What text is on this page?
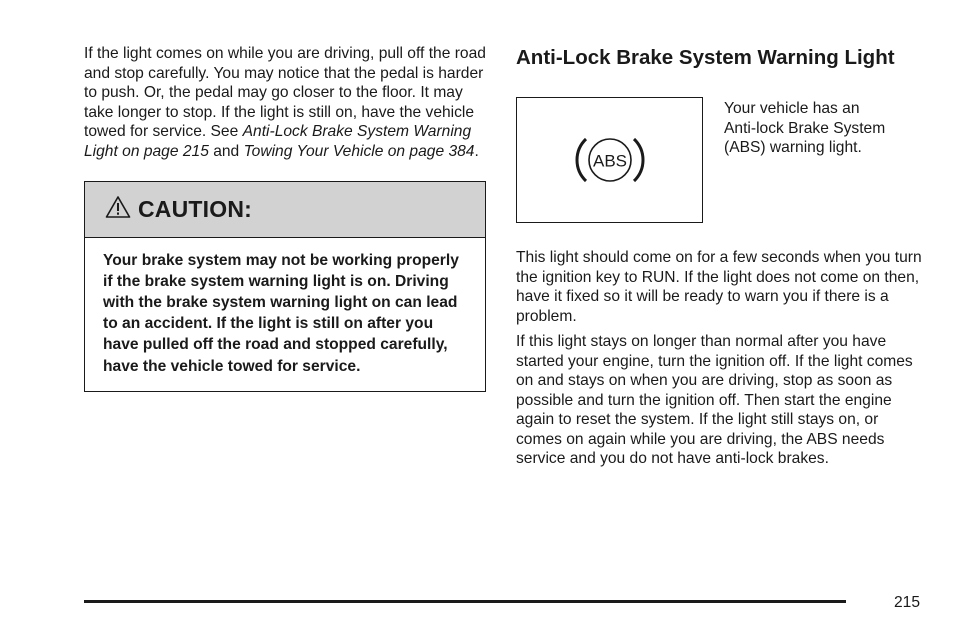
If the light comes on while you are driving, pull off the road and stop carefully. You may notice that the pedal is harder to push. Or, the pedal may go closer to the floor. It may take longer to stop. If the light is still on, have the vehicle towed for service. See Anti-Lock Brake System Warning Light on page 215 and Towing Your Vehicle on page 384.

CAUTION:

Your brake system may not be working properly if the brake system warning light is on. Driving with the brake system warning light on can lead to an accident. If the light is still on after you have pulled off the road and stopped carefully, have the vehicle towed for service.

Anti-Lock Brake System Warning Light
ABS

Your vehicle has an Anti-lock Brake System (ABS) warning light.

This light should come on for a few seconds when you turn the ignition key to RUN. If the light does not come on then, have it fixed so it will be ready to warn you if there is a problem.

If this light stays on longer than normal after you have started your engine, turn the ignition off. If the light comes on and stays on when you are driving, stop as soon as possible and turn the ignition off. Then start the engine again to reset the system. If the light still stays on, or comes on again while you are driving, the ABS needs service and you do not have anti-lock brakes.

215
